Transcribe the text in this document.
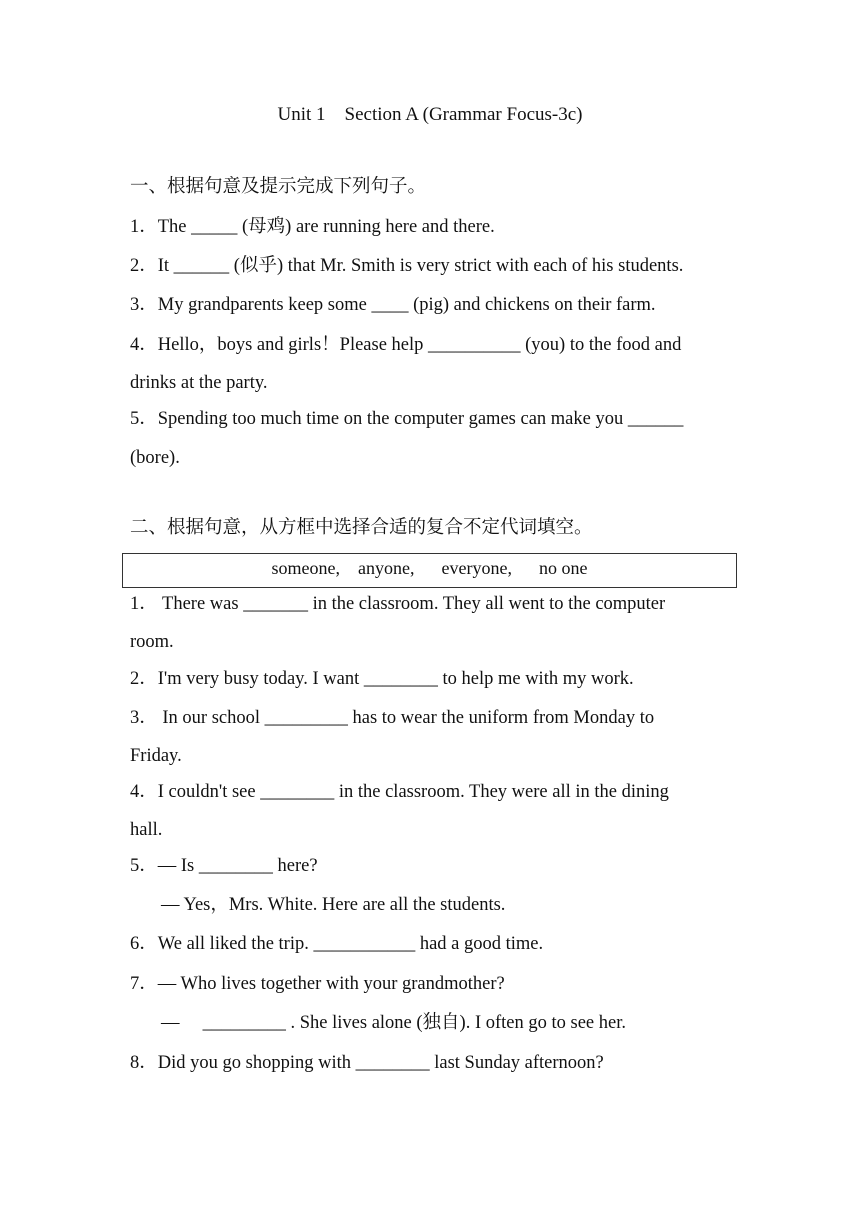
Unit 1    Section A (Grammar Focus-3c)
一、根据句意及提示完成下列句子。
1．The _____ (母鸡) are running here and there.
2．It ______ (似乎) that Mr. Smith is very strict with each of his students.
3．My grandparents keep some ____ (pig) and chickens on their farm.
4．Hello，boys and girls！Please help __________ (you) to the food and
drinks at the party.
5．Spending too much time on the computer games can make you ______
(bore).
二、根据句意，从方框中选择合适的复合不定代词填空。
someone,    anyone,      everyone,      no one
1． There was _______ in the classroom. They all went to the computer
room.
2．I'm very busy today. I want ________ to help me with my work.
3． In our school _________ has to wear the uniform from Monday to
Friday.
4．I couldn't see ________ in the classroom. They were all in the dining
hall.
5．— Is ________ here?
— Yes，Mrs. White. Here are all the students.
6．We all liked the trip. ___________ had a good time.
7．— Who lives together with your grandmother?
—     _________ . She lives alone (独自). I often go to see her.
8．Did you go shopping with ________ last Sunday afternoon?
